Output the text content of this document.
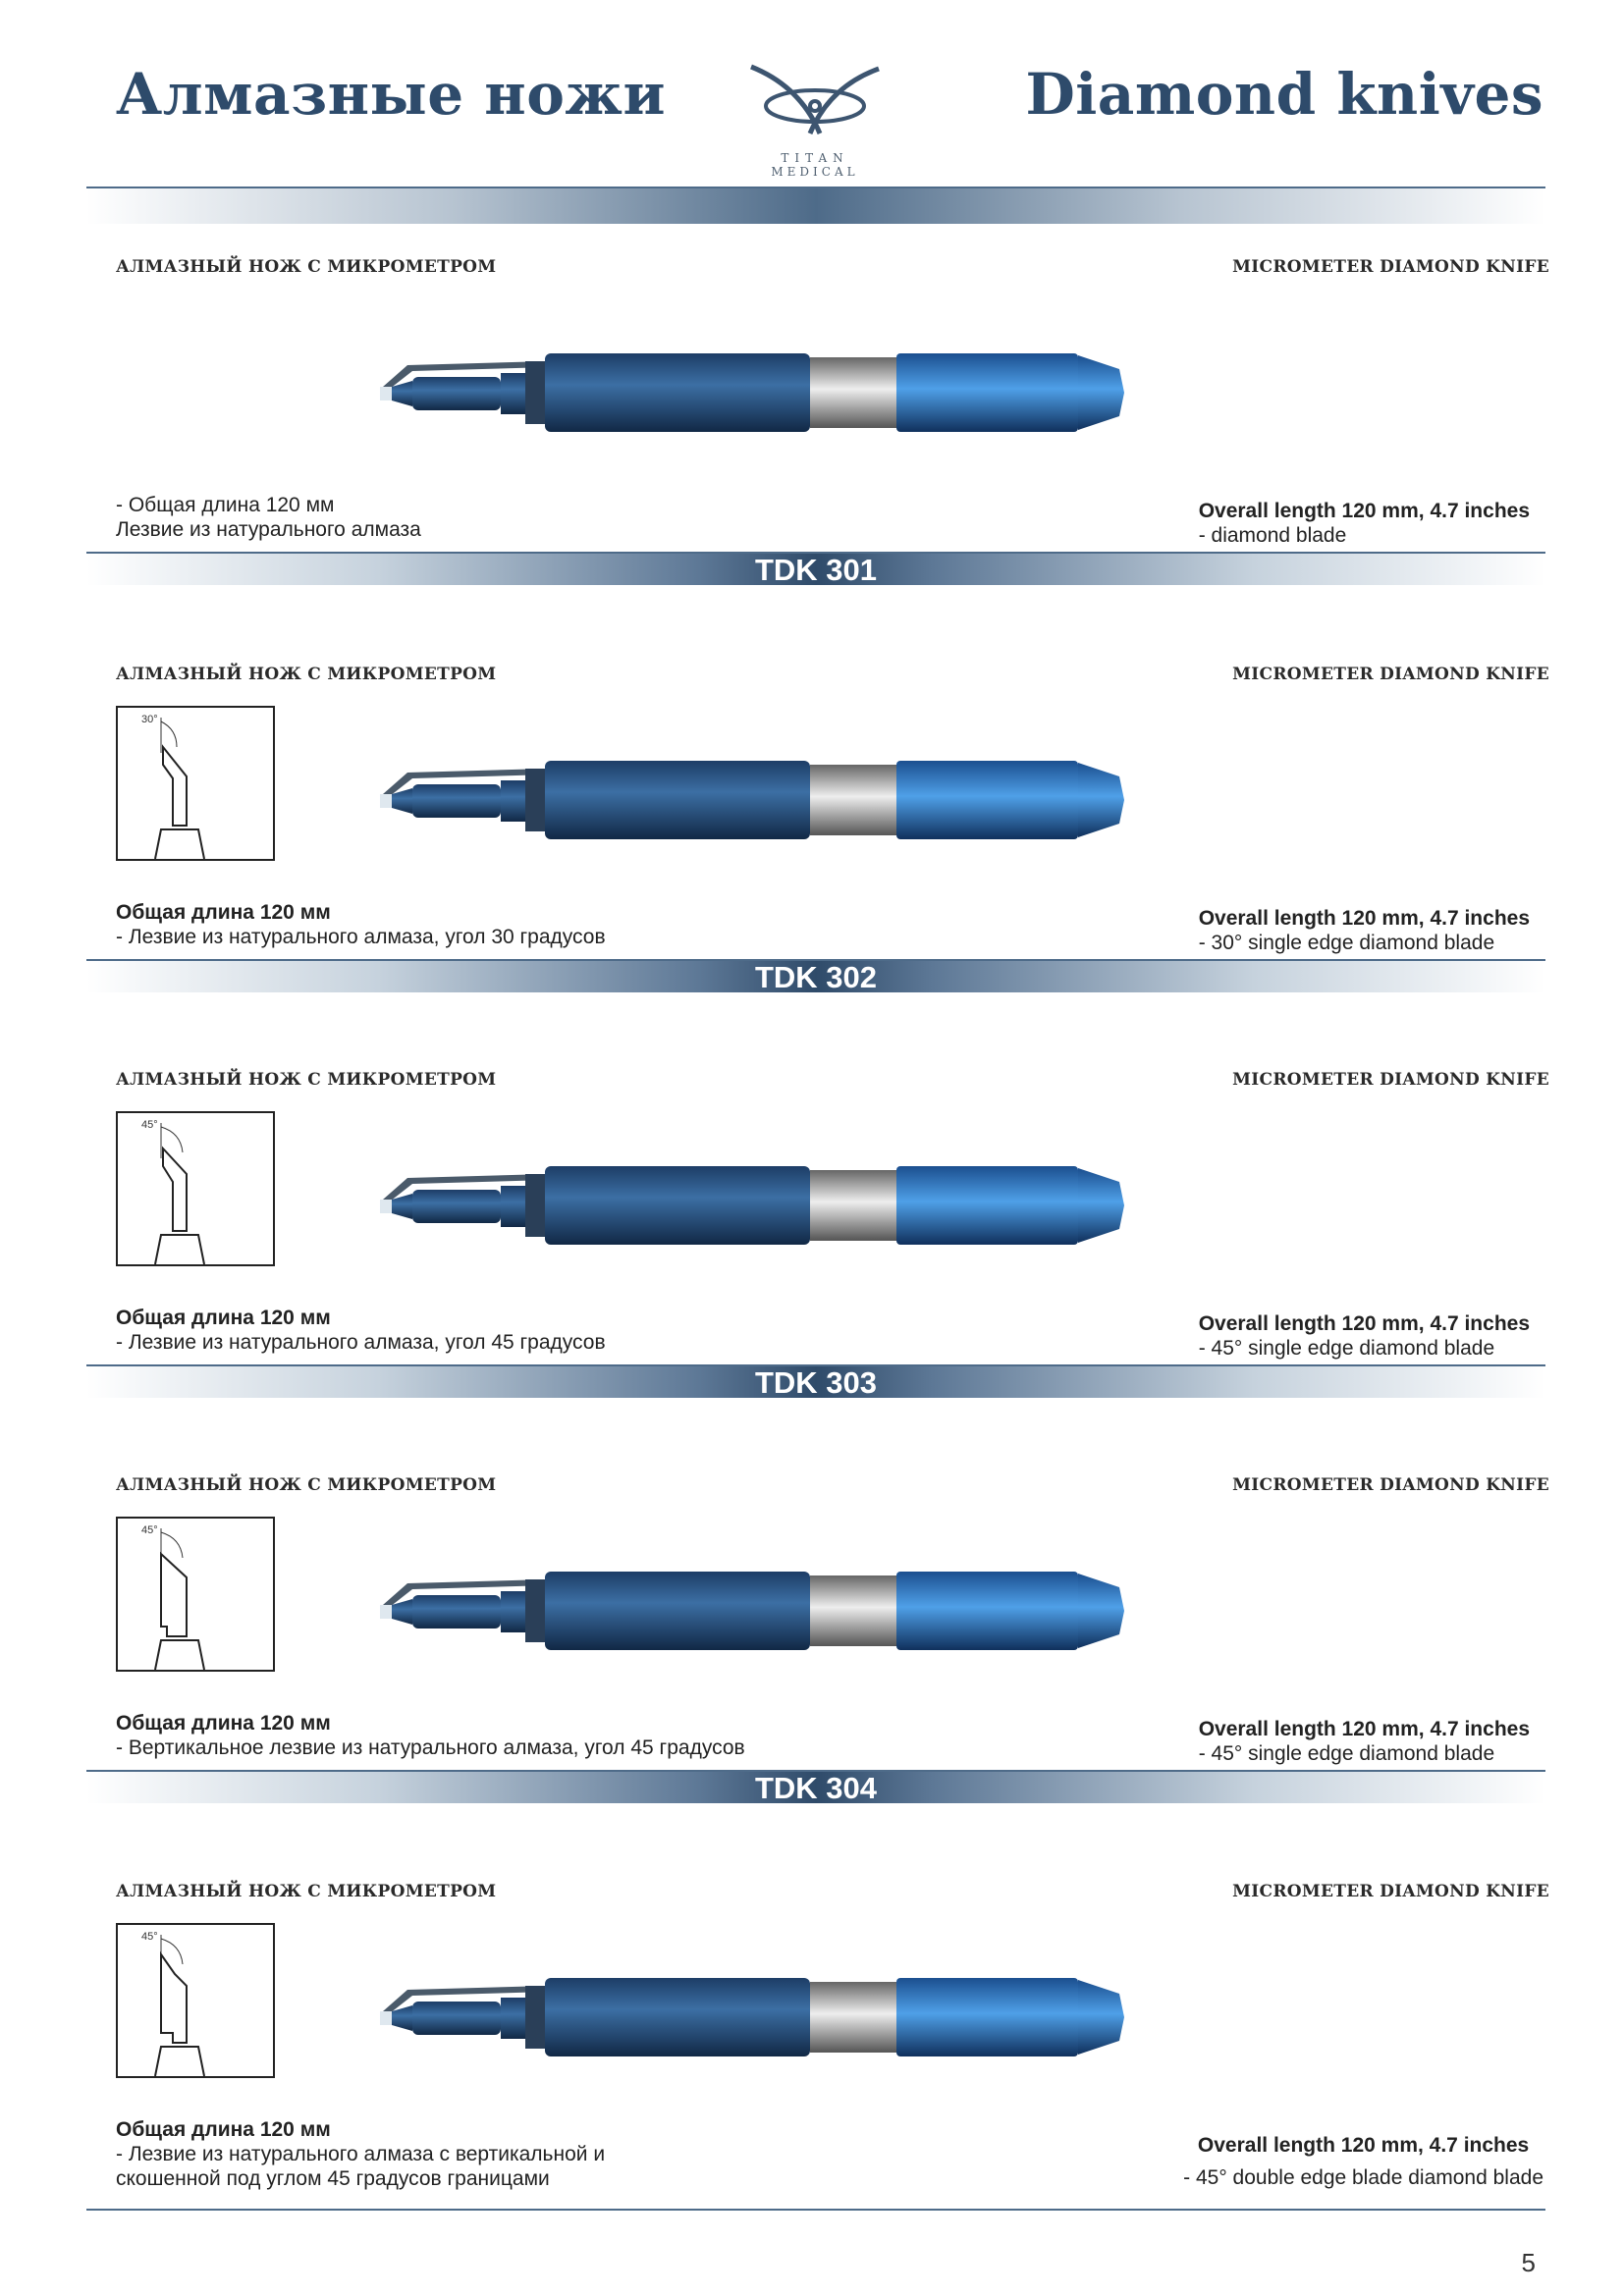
Алмазные ножи
TITAN
MEDICAL
Diamond knives
АЛМАЗНЫЙ НОЖ С МИКРОМЕТРОМ	MICROMETER DIAMOND KNIFE
- Общая длина 120 мм
Лезвие из натурального алмаза
Overall length 120 mm, 4.7 inches
- diamond blade
TDK 301
АЛМАЗНЫЙ НОЖ С МИКРОМЕТРОМ	MICROMETER DIAMOND KNIFE
30°
Общая длина 120 мм
- Лезвие из натурального алмаза, угол 30 градусов
Overall length 120 mm, 4.7 inches
- 30° single edge diamond blade
TDK 302
АЛМАЗНЫЙ НОЖ С МИКРОМЕТРОМ	MICROMETER DIAMOND KNIFE
45°
Общая длина 120 мм
- Лезвие из натурального алмаза, угол 45 градусов
Overall length 120 mm, 4.7 inches
- 45° single edge diamond blade
TDK 303
АЛМАЗНЫЙ НОЖ С МИКРОМЕТРОМ	MICROMETER DIAMOND KNIFE
45°
Общая длина 120 мм
- Вертикальное лезвие из натурального алмаза, угол 45 градусов
Overall length 120 mm, 4.7 inches
- 45° single edge diamond blade
TDK 304
АЛМАЗНЫЙ НОЖ С МИКРОМЕТРОМ	MICROMETER DIAMOND KNIFE
45°
Общая длина 120 мм
- Лезвие из натурального алмаза с вертикальной и
скошенной под углом 45 градусов границами
Overall length 120 mm, 4.7 inches
- 45° double edge blade diamond blade
5
